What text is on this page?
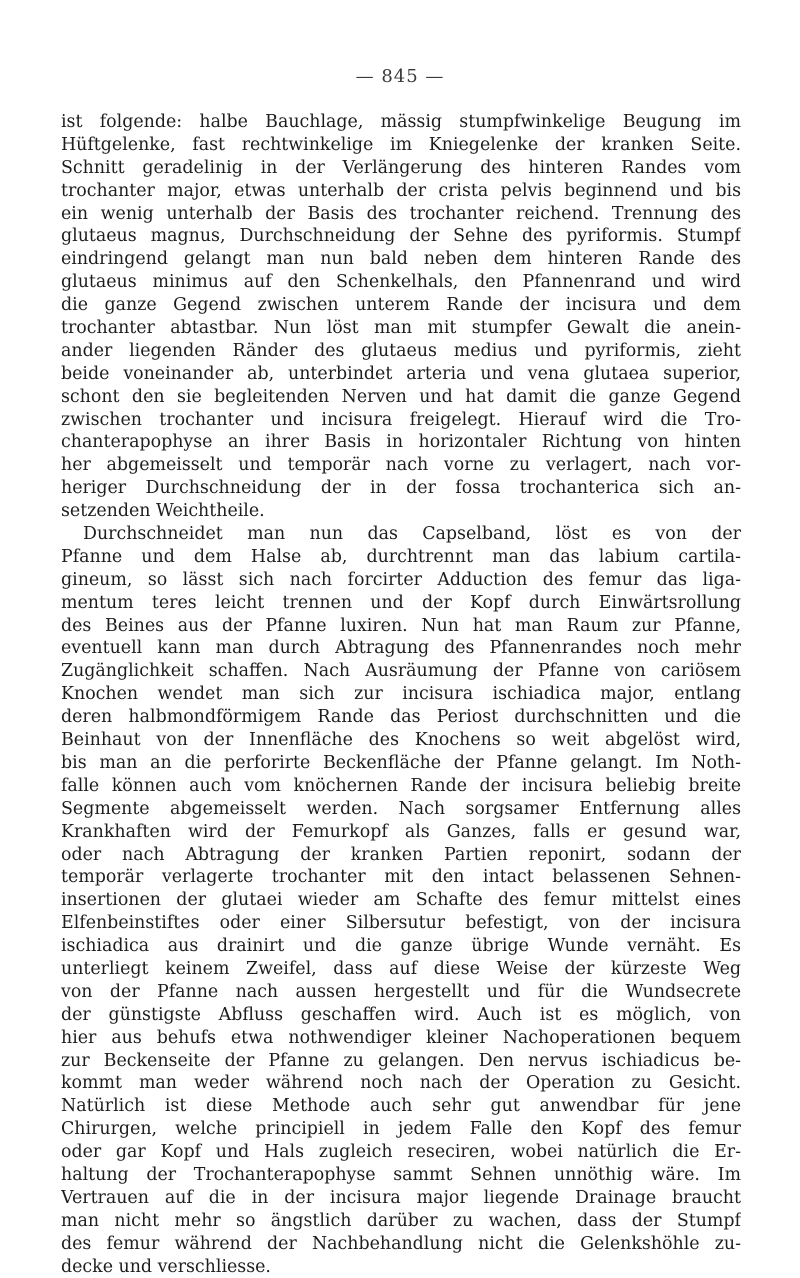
— 845 —
ist folgende: halbe Bauchlage, mässig stumpfwinkelige Beugung im
Hüftgelenke, fast rechtwinkelige im Kniegelenke der kranken Seite.
Schnitt geradelinig in der Verlängerung des hinteren Randes vom
trochanter major, etwas unterhalb der crista pelvis beginnend und bis
ein wenig unterhalb der Basis des trochanter reichend. Trennung des
glutaeus magnus, Durchschneidung der Sehne des pyriformis. Stumpf
eindringend gelangt man nun bald neben dem hinteren Rande des
glutaeus minimus auf den Schenkelhals, den Pfannenrand und wird
die ganze Gegend zwischen unterem Rande der incisura und dem
trochanter abtastbar. Nun löst man mit stumpfer Gewalt die anein-
ander liegenden Ränder des glutaeus medius und pyriformis, zieht
beide voneinander ab, unterbindet arteria und vena glutaea superior,
schont den sie begleitenden Nerven und hat damit die ganze Gegend
zwischen trochanter und incisura freigelegt. Hierauf wird die Tro-
chanterapophyse an ihrer Basis in horizontaler Richtung von hinten
her abgemeisselt und temporär nach vorne zu verlagert, nach vor-
heriger Durchschneidung der in der fossa trochanterica sich an-
setzenden Weichtheile.
Durchschneidet man nun das Capselband, löst es von der
Pfanne und dem Halse ab, durchtrennt man das labium cartila-
gineum, so lässt sich nach forcirter Adduction des femur das liga-
mentum teres leicht trennen und der Kopf durch Einwärtsrollung
des Beines aus der Pfanne luxiren. Nun hat man Raum zur Pfanne,
eventuell kann man durch Abtragung des Pfannenrandes noch mehr
Zugänglichkeit schaffen. Nach Ausräumung der Pfanne von cariösem
Knochen wendet man sich zur incisura ischiadica major, entlang
deren halbmondförmigem Rande das Periost durchschnitten und die
Beinhaut von der Innenfläche des Knochens so weit abgelöst wird,
bis man an die perforirte Beckenfläche der Pfanne gelangt. Im Noth-
falle können auch vom knöchernen Rande der incisura beliebig breite
Segmente abgemeisselt werden. Nach sorgsamer Entfernung alles
Krankhaften wird der Femurkopf als Ganzes, falls er gesund war,
oder nach Abtragung der kranken Partien reponirt, sodann der
temporär verlagerte trochanter mit den intact belassenen Sehnen-
insertionen der glutaei wieder am Schafte des femur mittelst eines
Elfenbeinstiftes oder einer Silbersutur befestigt, von der incisura
ischiadica aus drainirt und die ganze übrige Wunde vernäht. Es
unterliegt keinem Zweifel, dass auf diese Weise der kürzeste Weg
von der Pfanne nach aussen hergestellt und für die Wundsecrete
der günstigste Abfluss geschaffen wird. Auch ist es möglich, von
hier aus behufs etwa nothwendiger kleiner Nachoperationen bequem
zur Beckenseite der Pfanne zu gelangen. Den nervus ischiadicus be-
kommt man weder während noch nach der Operation zu Gesicht.
Natürlich ist diese Methode auch sehr gut anwendbar für jene
Chirurgen, welche principiell in jedem Falle den Kopf des femur
oder gar Kopf und Hals zugleich reseciren, wobei natürlich die Er-
haltung der Trochanterapophyse sammt Sehnen unnöthig wäre. Im
Vertrauen auf die in der incisura major liegende Drainage braucht
man nicht mehr so ängstlich darüber zu wachen, dass der Stumpf
des femur während der Nachbehandlung nicht die Gelenkshöhle zu-
decke und verschliesse.
